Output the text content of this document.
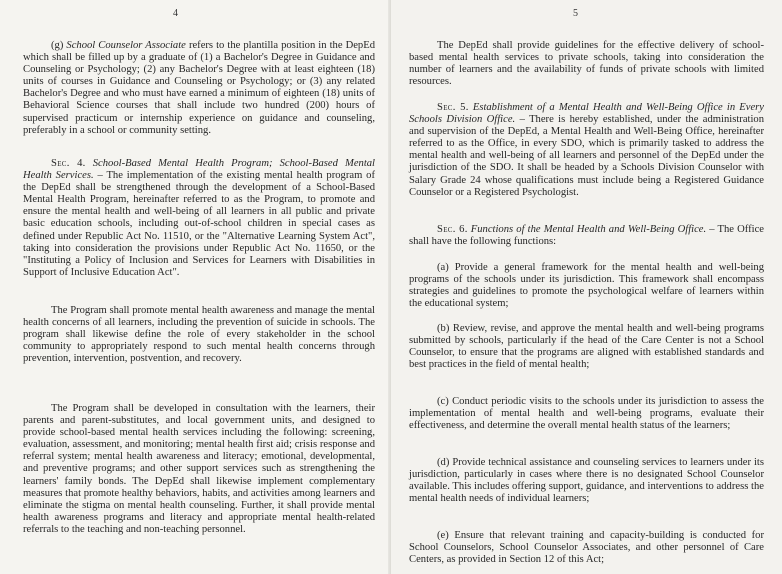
4

(g) School Counselor Associate refers to the plantilla position in the DepEd which shall be filled up by a graduate of (1) a Bachelor's Degree in Guidance and Counseling or Psychology; (2) any Bachelor's Degree with at least eighteen (18) units of courses in Guidance and Counseling or Psychology; or (3) any related Bachelor's Degree and who must have earned a minimum of eighteen (18) units of Behavioral Science courses that shall include two hundred (200) hours of supervised practicum or internship experience on guidance and counseling, preferably in a school or community setting.

Sec. 4. School-Based Mental Health Program; School-Based Mental Health Services. – The implementation of the existing mental health program of the DepEd shall be strengthened through the development of a School-Based Mental Health Program, hereinafter referred to as the Program, to promote and ensure the mental health and well-being of all learners in all public and private basic education schools, including out-of-school children in special cases as defined under Republic Act No. 11510, or the "Alternative Learning System Act", taking into consideration the provisions under Republic Act No. 11650, or the "Instituting a Policy of Inclusion and Services for Learners with Disabilities in Support of Inclusive Education Act".

The Program shall promote mental health awareness and manage the mental health concerns of all learners, including the prevention of suicide in schools. The program shall likewise define the role of every stakeholder in the school community to appropriately respond to such mental health concerns through prevention, intervention, postvention, and recovery.

The Program shall be developed in consultation with the learners, their parents and parent-substitutes, and local government units, and designed to provide school-based mental health services including the following: screening, evaluation, assessment, and monitoring; mental health first aid; crisis response and referral system; mental health awareness and literacy; emotional, developmental, and preventive programs; and other support services such as strengthening the learners' family bonds. The DepEd shall likewise implement complementary measures that promote healthy behaviors, habits, and activities among learners and eliminate the stigma on mental health counseling. Further, it shall provide mental health awareness programs and literacy and appropriate mental health-related referrals to the teaching and non-teaching personnel.

5

The DepEd shall provide guidelines for the effective delivery of school-based mental health services to private schools, taking into consideration the number of learners and the availability of funds of private schools with limited resources.

Sec. 5. Establishment of a Mental Health and Well-Being Office in Every Schools Division Office. – There is hereby established, under the administration and supervision of the DepEd, a Mental Health and Well-Being Office, hereinafter referred to as the Office, in every SDO, which is primarily tasked to address the mental health and well-being of all learners and personnel of the DepEd under the jurisdiction of the SDO. It shall be headed by a Schools Division Counselor with Salary Grade 24 whose qualifications must include being a Registered Guidance Counselor or a Registered Psychologist.

Sec. 6. Functions of the Mental Health and Well-Being Office. – The Office shall have the following functions:

(a) Provide a general framework for the mental health and well-being programs of the schools under its jurisdiction. This framework shall encompass strategies and guidelines to promote the psychological welfare of learners within the educational system;

(b) Review, revise, and approve the mental health and well-being programs submitted by schools, particularly if the head of the Care Center is not a School Counselor, to ensure that the programs are aligned with established standards and best practices in the field of mental health;

(c) Conduct periodic visits to the schools under its jurisdiction to assess the implementation of mental health and well-being programs, evaluate their effectiveness, and determine the overall mental health status of the learners;

(d) Provide technical assistance and counseling services to learners under its jurisdiction, particularly in cases where there is no designated School Counselor available. This includes offering support, guidance, and interventions to address the mental health needs of individual learners;

(e) Ensure that relevant training and capacity-building is conducted for School Counselors, School Counselor Associates, and other personnel of Care Centers, as provided in Section 12 of this Act;
